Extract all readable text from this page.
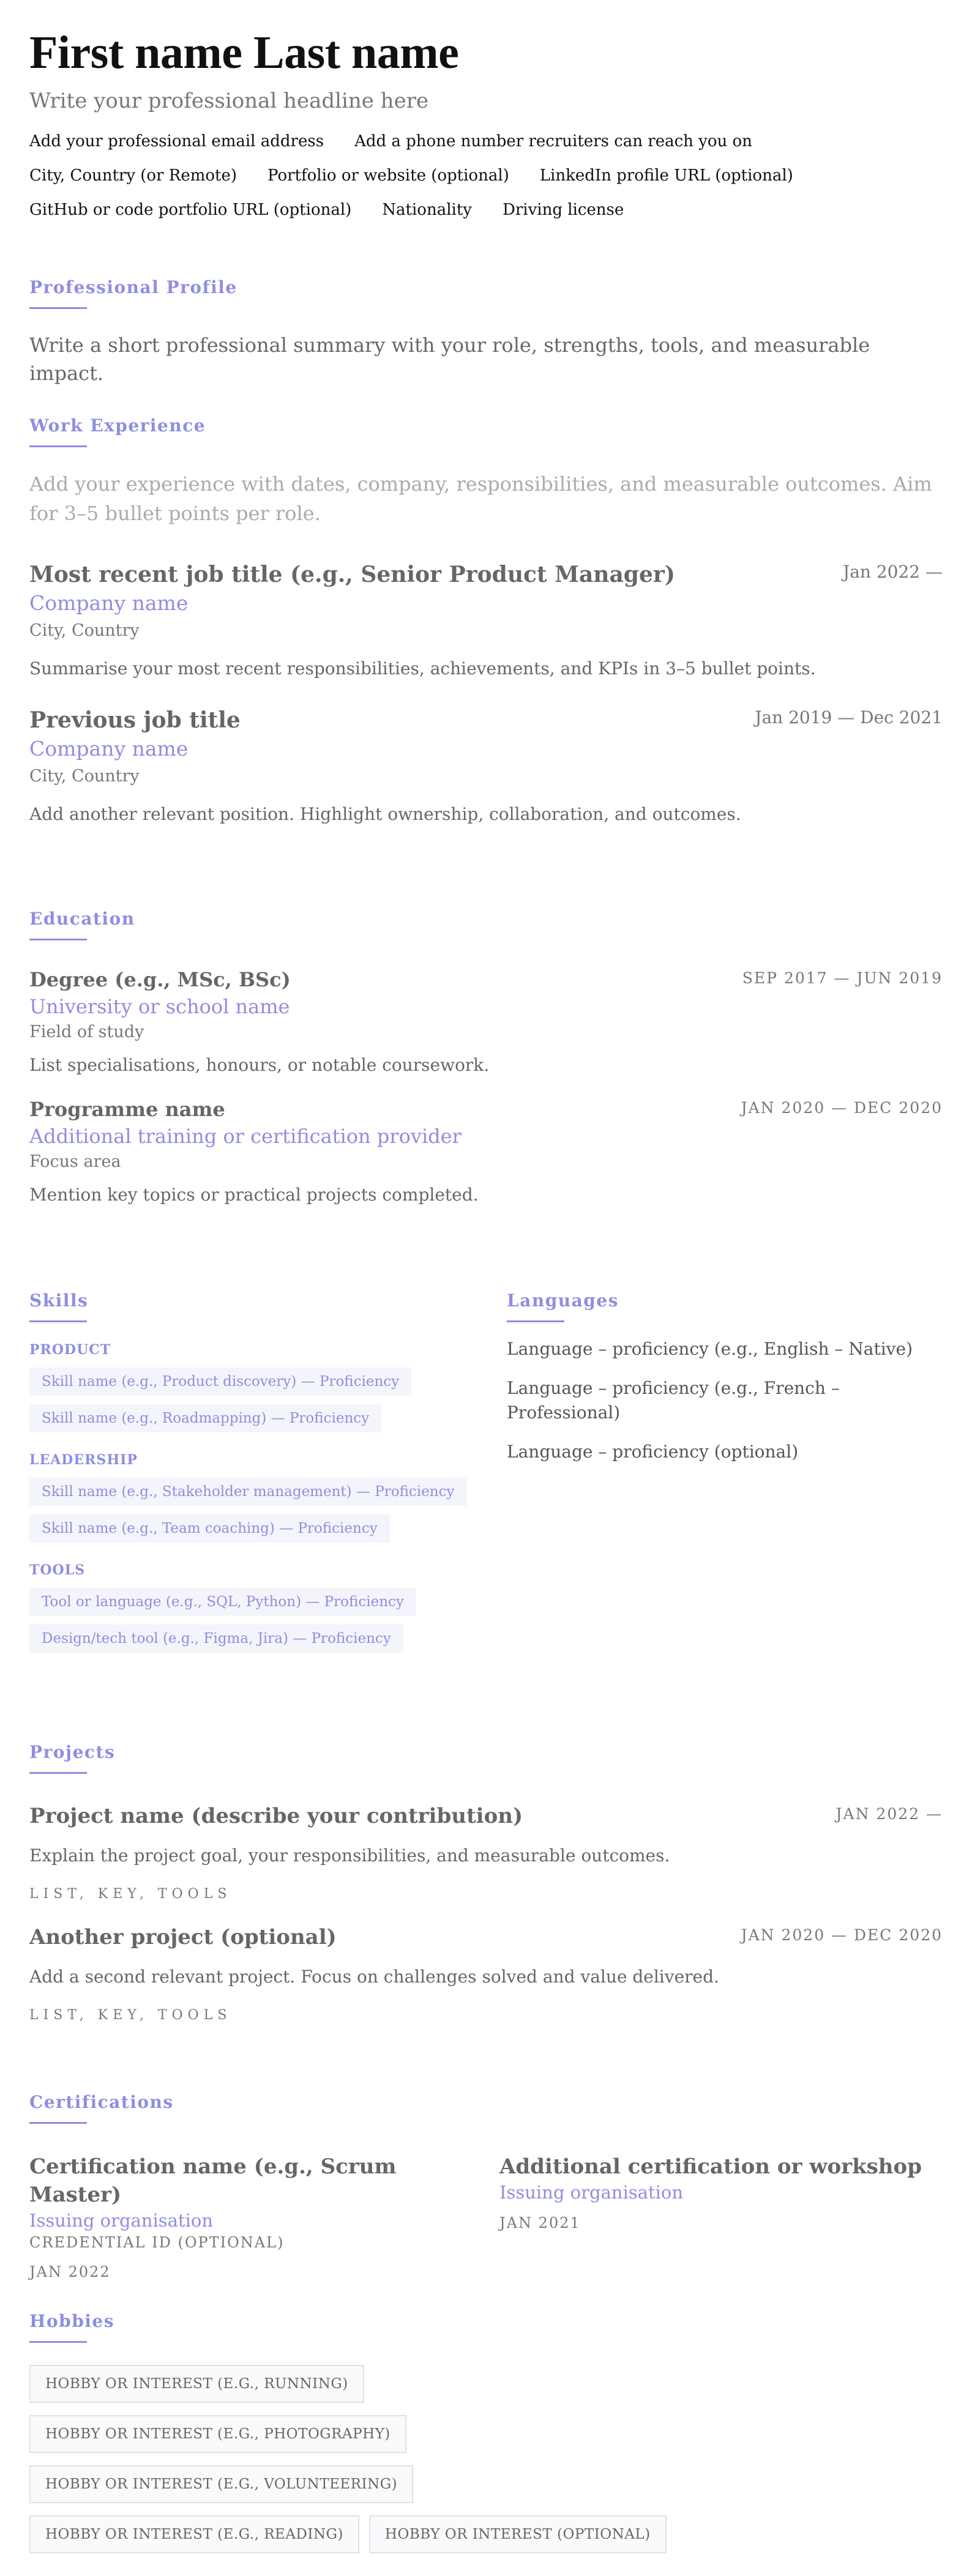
First name Last name
Write your professional headline here
Add your professional email address Add a phone number recruiters can reach you on
City, Country (or Remote) Portfolio or website (optional) LinkedIn profile URL (optional)
GitHub or code portfolio URL (optional) Nationality Driving license
Professional Profile

Write a short professional summary with your role, strengths, tools, and measurable impact.

Work Experience

Add your experience with dates, company, responsibilities, and measurable outcomes. Aim for 3–5 bullet points per role.

Most recent job title (e.g., Senior Product Manager)	Jan 2022 —
Company name
City, Country

Summarise your most recent responsibilities, achievements, and KPIs in 3–5 bullet points.

Previous job title	Jan 2019 — Dec 2021
Company name
City, Country

Add another relevant position. Highlight ownership, collaboration, and outcomes.

Education
Degree (e.g., MSc, BSc)	SEP 2017 — JUN 2019
University or school name
Field of study

List specialisations, honours, or notable coursework.

Programme name	JAN 2020 — DEC 2020
Additional training or certification provider
Focus area

Mention key topics or practical projects completed.

Skills
PRODUCT
Skill name (e.g., Product discovery) — Proficiency
Skill name (e.g., Roadmapping) — Proficiency
LEADERSHIP
Skill name (e.g., Stakeholder management) — Proficiency
Skill name (e.g., Team coaching) — Proficiency
TOOLS
Tool or language (e.g., SQL, Python) — Proficiency
Design/tech tool (e.g., Figma, Jira) — Proficiency
Languages
Language – proficiency (e.g., English – Native)
Language – proficiency (e.g., French – Professional)
Language – proficiency (optional)
Projects
Project name (describe your contribution)	JAN 2022 —

Explain the project goal, your responsibilities, and measurable outcomes.

LIST, KEY, TOOLS
Another project (optional)	JAN 2020 — DEC 2020

Add a second relevant project. Focus on challenges solved and value delivered.

LIST, KEY, TOOLS
Certifications
Certification name (e.g., Scrum Master)
Issuing organisation
CREDENTIAL ID (OPTIONAL)
JAN 2022
Additional certification or workshop
Issuing organisation
JAN 2021
Hobbies
HOBBY OR INTEREST (E.G., RUNNING)
HOBBY OR INTEREST (E.G., PHOTOGRAPHY)
HOBBY OR INTEREST (E.G., VOLUNTEERING)
HOBBY OR INTEREST (E.G., READING)	HOBBY OR INTEREST (OPTIONAL)
